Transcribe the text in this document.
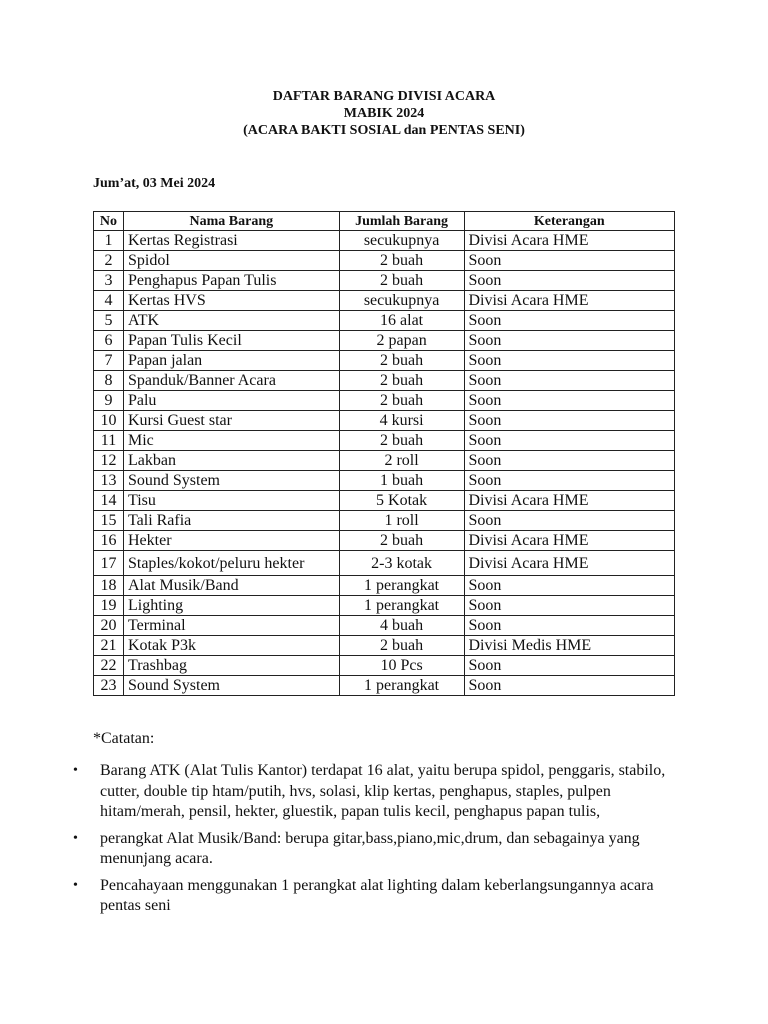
DAFTAR BARANG DIVISI ACARA
MABIK 2024
(ACARA BAKTI SOSIAL dan PENTAS SENI)
Jum’at, 03 Mei 2024
No	Nama Barang	Jumlah Barang	Keterangan
1	Kertas Registrasi	secukupnya	Divisi Acara HME
2	Spidol	2 buah	Soon
3	Penghapus Papan Tulis	2 buah	Soon
4	Kertas HVS	secukupnya	Divisi Acara HME
5	ATK	16 alat	Soon
6	Papan Tulis Kecil	2 papan	Soon
7	Papan jalan	2 buah	Soon
8	Spanduk/Banner Acara	2 buah	Soon
9	Palu	2 buah	Soon
10	Kursi Guest star	4 kursi	Soon
11	Mic	2 buah	Soon
12	Lakban	2 roll	Soon
13	Sound System	1 buah	Soon
14	Tisu	5 Kotak	Divisi Acara HME
15	Tali Rafia	1 roll	Soon
16	Hekter	2 buah	Divisi Acara HME
17	Staples/kokot/peluru hekter	2-3 kotak	Divisi Acara HME
18	Alat Musik/Band	1 perangkat	Soon
19	Lighting	1 perangkat	Soon
20	Terminal	4 buah	Soon
21	Kotak P3k	2 buah	Divisi Medis HME
22	Trashbag	10 Pcs	Soon
23	Sound System	1 perangkat	Soon
*Catatan:
• Barang ATK (Alat Tulis Kantor) terdapat 16 alat, yaitu berupa spidol, penggaris, stabilo, cutter, double tip htam/putih, hvs, solasi, klip kertas, penghapus, staples, pulpen hitam/merah, pensil, hekter, gluestik, papan tulis kecil, penghapus papan tulis,
• perangkat Alat Musik/Band: berupa gitar,bass,piano,mic,drum, dan sebagainya yang menunjang acara.
• Pencahayaan menggunakan 1 perangkat alat lighting dalam keberlangsungannya acara pentas seni
